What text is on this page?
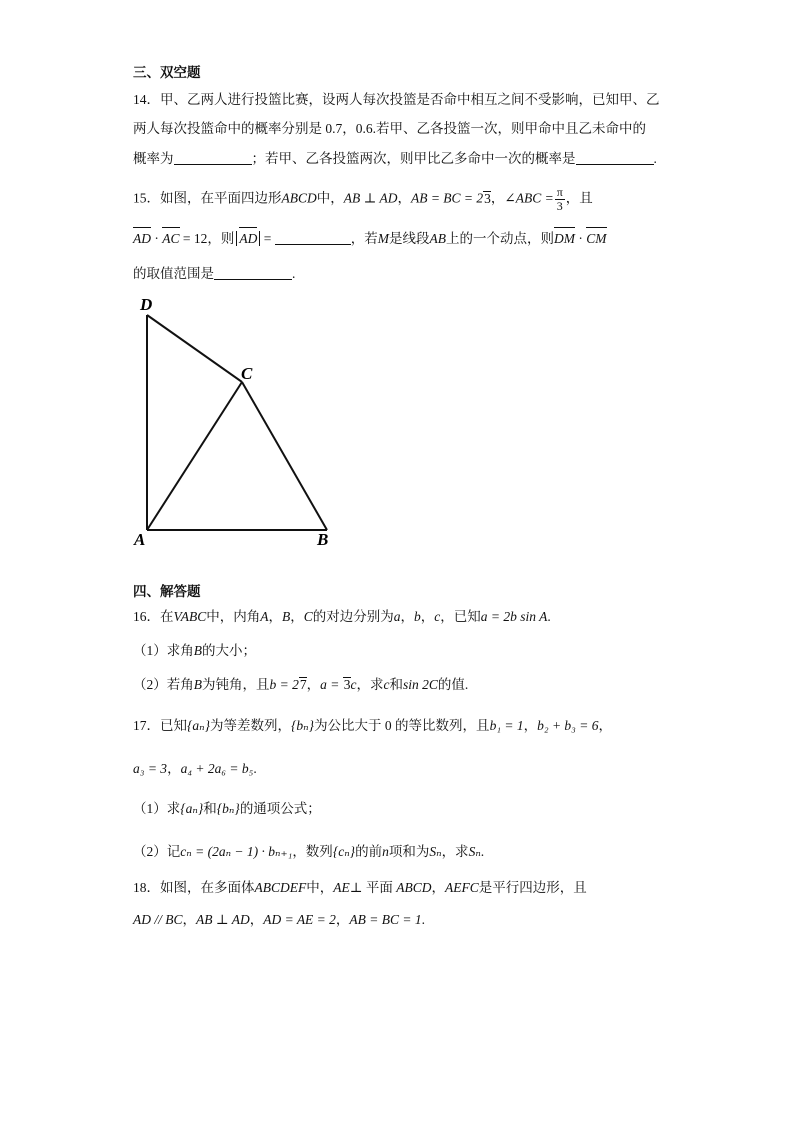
三、双空题
14．甲、乙两人进行投篮比赛，设两人每次投篮是否命中相互之间不受影响，已知甲、乙
两人每次投篮命中的概率分别是 0.7，0.6.若甲、乙各投篮一次，则甲命中且乙未命中的
概率为	；若甲、乙各投篮两次，则甲比乙多命中一次的概率是	.
15．如图，在平面四边形ABCD中，AB ⊥ AD，AB = BC = 23，∠ABC = $\frac{\pi}{3}$ ，且
AD · AC = 12，则 AD =	，若M是线段AB上的一个动点，则DM · CM
的取值范围是	.
D
C
A	B
四、解答题
16．在VABC中，内角A，B，C的对边分别为a，b，c，已知a = 2b sin A.
（1）求角B的大小；
（2）若角B为钝角，且b = 27，a = 3c，求c和sin 2C的值.
17．已知{aₙ}为等差数列，{bₙ}为公比大于 0 的等比数列，且b₁ = 1，b₂ + b₃ = 6，
a₃ = 3，a₄ + 2a₆ = b₅.
（1）求{aₙ}和{bₙ}的通项公式；
（2）记cₙ = (2aₙ − 1) · bₙ₊₁，数列{cₙ}的前n项和为Sₙ，求Sₙ.
18．如图，在多面体ABCDEF中，AE⊥ 平面 ABCD，AEFC是平行四边形，且
AD // BC，AB ⊥ AD，AD = AE = 2，AB = BC = 1.
